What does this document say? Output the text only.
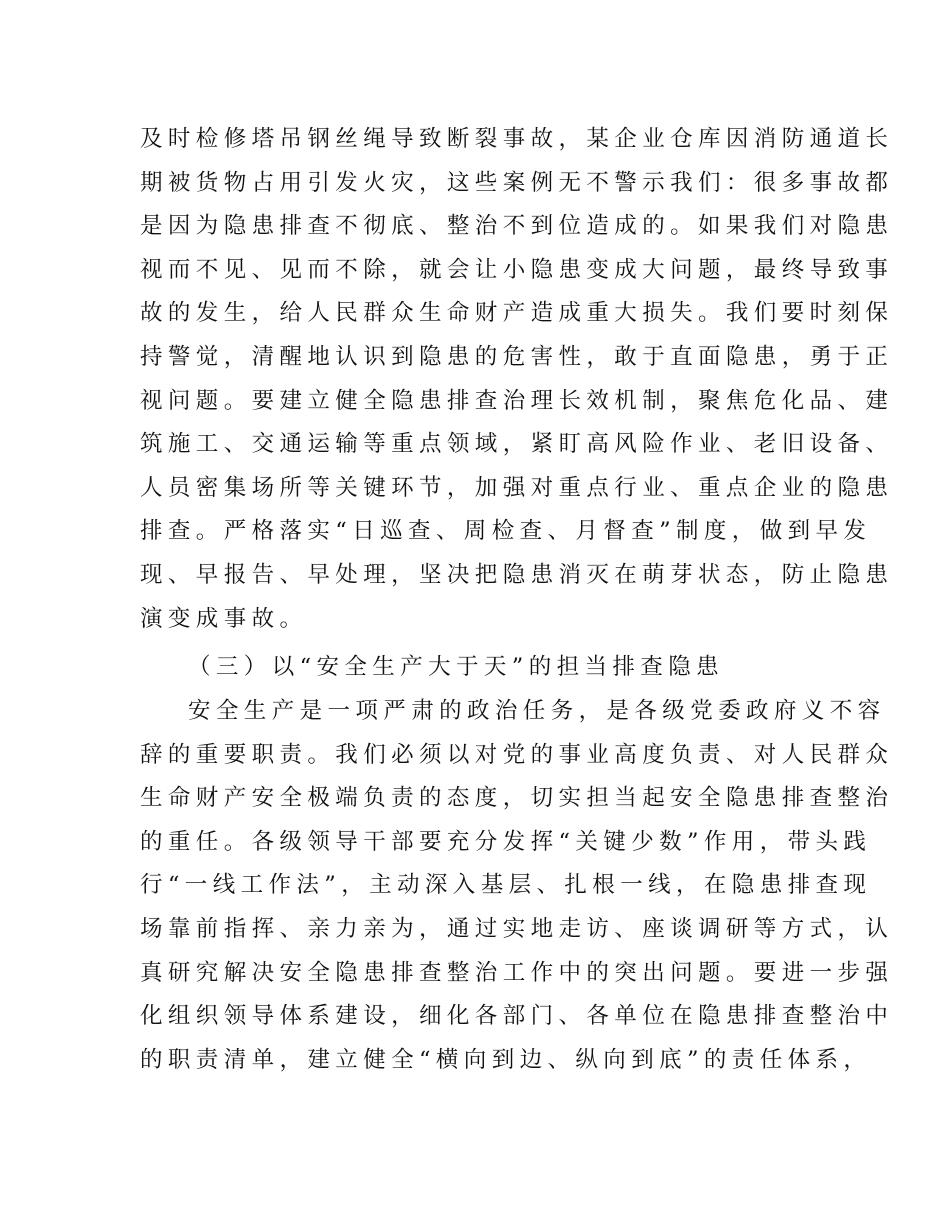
及时检修塔吊钢丝绳导致断裂事故，某企业仓库因消防通道长
期被货物占用引发火灾，这些案例无不警示我们：很多事故都
是因为隐患排查不彻底、整治不到位造成的。如果我们对隐患
视而不见、见而不除，就会让小隐患变成大问题，最终导致事
故的发生，给人民群众生命财产造成重大损失。我们要时刻保
持警觉，清醒地认识到隐患的危害性，敢于直面隐患，勇于正
视问题。要建立健全隐患排查治理长效机制，聚焦危化品、建
筑施工、交通运输等重点领域，紧盯高风险作业、老旧设备、
人员密集场所等关键环节，加强对重点行业、重点企业的隐患
排查。严格落实“日巡查、周检查、月督查”制度，做到早发
现、早报告、早处理，坚决把隐患消灭在萌芽状态，防止隐患
演变成事故。
（三）以“安全生产大于天”的担当排查隐患
安全生产是一项严肃的政治任务，是各级党委政府义不容
辞的重要职责。我们必须以对党的事业高度负责、对人民群众
生命财产安全极端负责的态度，切实担当起安全隐患排查整治
的重任。各级领导干部要充分发挥“关键少数”作用，带头践
行“一线工作法”，主动深入基层、扎根一线，在隐患排查现
场靠前指挥、亲力亲为，通过实地走访、座谈调研等方式，认
真研究解决安全隐患排查整治工作中的突出问题。要进一步强
化组织领导体系建设，细化各部门、各单位在隐患排查整治中
的职责清单，建立健全“横向到边、纵向到底”的责任体系，
